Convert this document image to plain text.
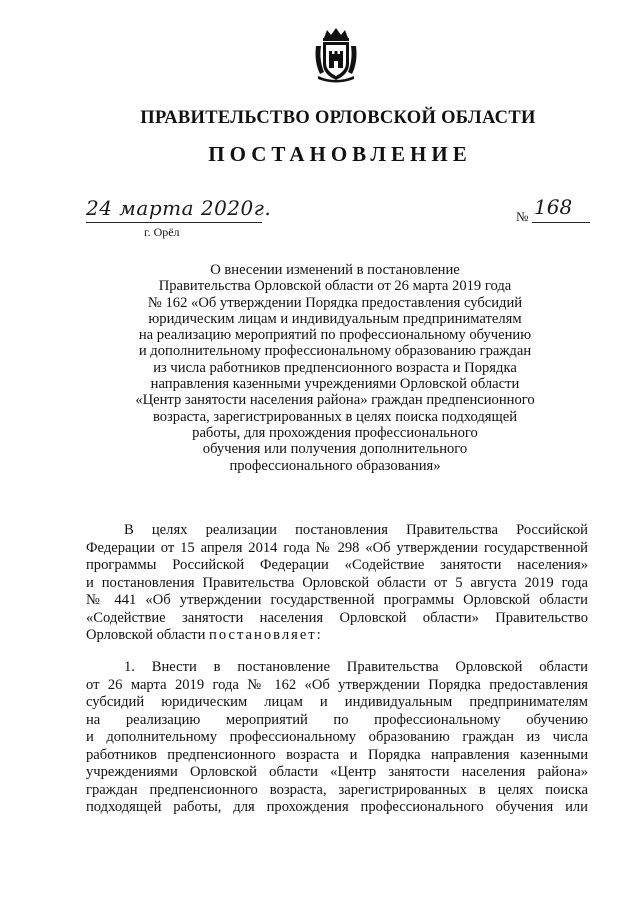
ПРАВИТЕЛЬСТВО ОРЛОВСКОЙ ОБЛАСТИ
ПОСТАНОВЛЕНИЕ
24 марта 2020г.
г. Орёл
№ 168
О внесении изменений в постановление
Правительства Орловской области от 26 марта 2019 года
№ 162 «Об утверждении Порядка предоставления субсидий
юридическим лицам и индивидуальным предпринимателям
на реализацию мероприятий по профессиональному обучению
и дополнительному профессиональному образованию граждан
из числа работников предпенсионного возраста и Порядка
направления казенными учреждениями Орловской области
«Центр занятости населения района» граждан предпенсионного
возраста, зарегистрированных в целях поиска подходящей
работы, для прохождения профессионального
обучения или получения дополнительного
профессионального образования»
В целях реализации постановления Правительства Российской
Федерации от 15 апреля 2014 года № 298 «Об утверждении государственной
программы Российской Федерации «Содействие занятости населения»
и постановления Правительства Орловской области от 5 августа 2019 года
№ 441 «Об утверждении государственной программы Орловской области
«Содействие занятости населения Орловской области» Правительство
Орловской области постановляет:
1. Внести в постановление Правительства Орловской области
от 26 марта 2019 года № 162 «Об утверждении Порядка предоставления
субсидий юридическим лицам и индивидуальным предпринимателям
на реализацию мероприятий по профессиональному обучению
и дополнительному профессиональному образованию граждан из числа
работников предпенсионного возраста и Порядка направления казенными
учреждениями Орловской области «Центр занятости населения района»
граждан предпенсионного возраста, зарегистрированных в целях поиска
подходящей работы, для прохождения профессионального обучения или
